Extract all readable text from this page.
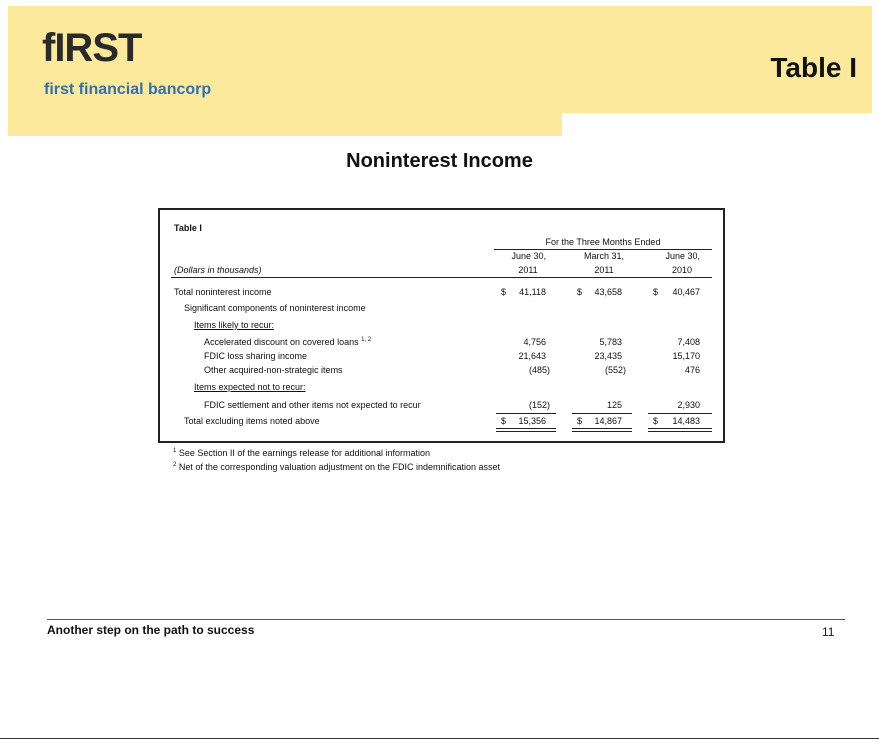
fIRST
first financial bancorp
Table I
Noninterest Income
Table I
For the Three Months Ended
June 30,	March 31,	June 30,
(Dollars in thousands)	2011	2011	2010
Total noninterest income	$	41,118	$	43,658	$	40,467
Significant components of noninterest income
Items likely to recur:
Accelerated discount on covered loans $^{1, 2}$	4,756	5,783	7,408
FDIC loss sharing income	21,643	23,435	15,170
Other acquired-non-strategic items	(485)	(552)	476
Items expected not to recur:
FDIC settlement and other items not expected to recur	(152)	125	2,930
Total excluding items noted above	$	15,356	$	14,867	$	14,483
$^1$ See Section II of the earnings release for additional information
$^2$ Net of the corresponding valuation adjustment on the FDIC indemnification asset
Another step on the path to success	11
